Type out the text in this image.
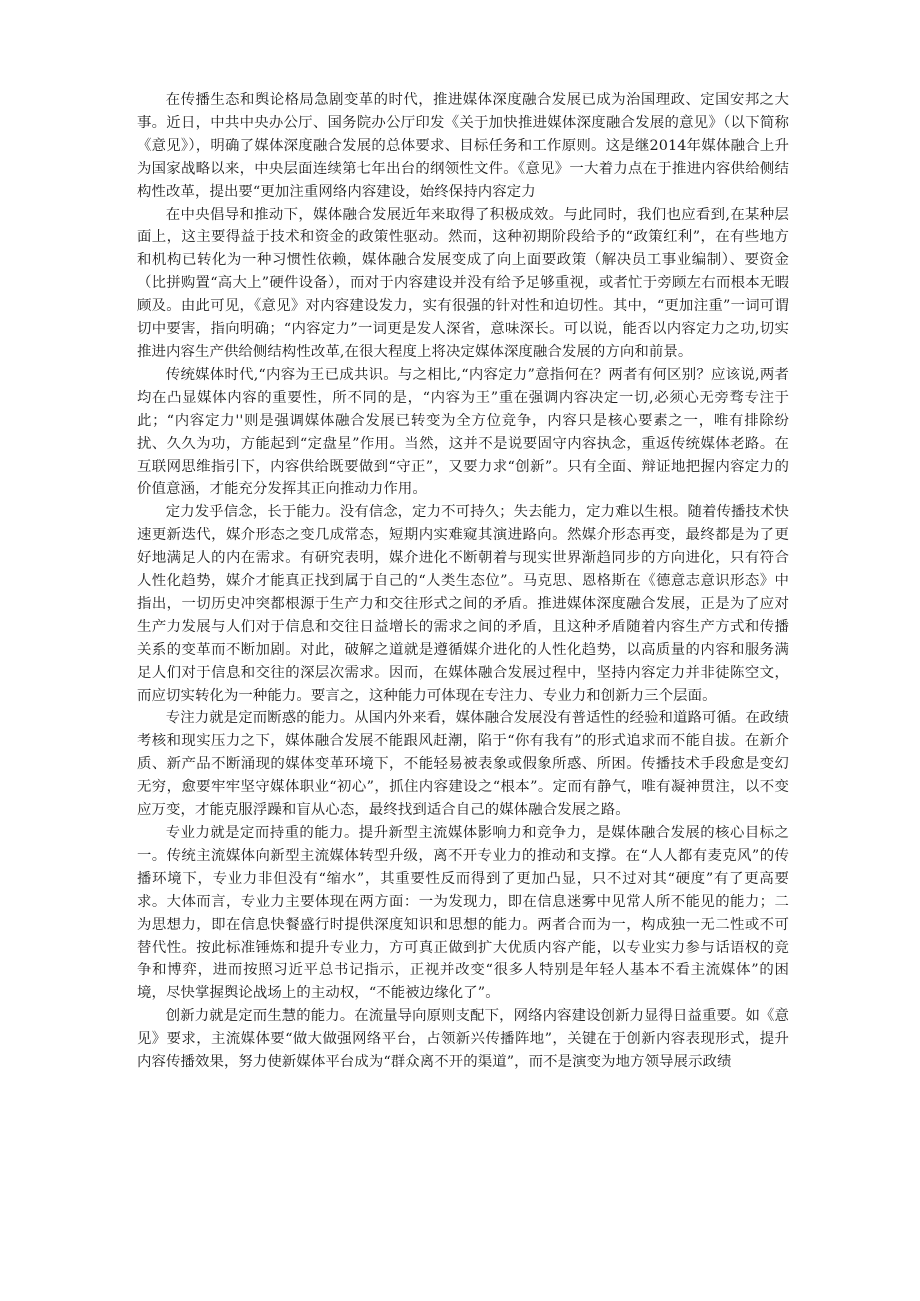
在传播生态和舆论格局急剧变革的时代，推进媒体深度融合发展已成为治国理政、定国安邦之大事。近日，中共中央办公厅、国务院办公厅印发《关于加快推进媒体深度融合发展的意见》（以下简称《意见》），明确了媒体深度融合发展的总体要求、目标任务和工作原则。这是继2014年媒体融合上升为国家战略以来，中央层面连续第七年出台的纲领性文件。《意见》一大着力点在于推进内容供给侧结构性改革，提出要“更加注重网络内容建设，始终保持内容定力

在中央倡导和推动下，媒体融合发展近年来取得了积极成效。与此同时，我们也应看到,在某种层面上，这主要得益于技术和资金的政策性驱动。然而，这种初期阶段给予的“政策红利”，在有些地方和机构已转化为一种习惯性依赖，媒体融合发展变成了向上面要政策（解决员工事业编制）、要资金（比拼购置“高大上”硬件设备），而对于内容建设并没有给予足够重视，或者忙于旁顾左右而根本无暇顾及。由此可见，《意见》对内容建设发力，实有很强的针对性和迫切性。其中，“更加注重”一词可谓切中要害，指向明确；“内容定力”一词更是发人深省，意味深长。可以说，能否以内容定力之功,切实推进内容生产供给侧结构性改革,在很大程度上将决定媒体深度融合发展的方向和前景。

传统媒体时代,“内容为王已成共识。与之相比,“内容定力”意指何在？两者有何区别？应该说,两者均在凸显媒体内容的重要性，所不同的是，“内容为王”重在强调内容决定一切,必须心无旁骛专注于此；“内容定力''则是强调媒体融合发展已转变为全方位竞争，内容只是核心要素之一，唯有排除纷扰、久久为功，方能起到“定盘星”作用。当然，这并不是说要固守内容执念，重返传统媒体老路。在互联网思维指引下，内容供给既要做到“守正”，又要力求“创新”。只有全面、辩证地把握内容定力的价值意涵，才能充分发挥其正向推动力作用。

定力发乎信念，长于能力。没有信念，定力不可持久；失去能力，定力难以生根。随着传播技术快速更新迭代，媒介形态之变几成常态，短期内实难窥其演进路向。然媒介形态再变，最终都是为了更好地满足人的内在需求。有研究表明，媒介进化不断朝着与现实世界渐趋同步的方向进化，只有符合人性化趋势，媒介才能真正找到属于自己的“人类生态位”。马克思、恩格斯在《德意志意识形态》中指出，一切历史冲突都根源于生产力和交往形式之间的矛盾。推进媒体深度融合发展，正是为了应对生产力发展与人们对于信息和交往日益增长的需求之间的矛盾，且这种矛盾随着内容生产方式和传播关系的变革而不断加剧。对此，破解之道就是遵循媒介进化的人性化趋势，以高质量的内容和服务满足人们对于信息和交往的深层次需求。因而，在媒体融合发展过程中，坚持内容定力并非徒陈空文，而应切实转化为一种能力。要言之，这种能力可体现在专注力、专业力和创新力三个层面。

专注力就是定而断惑的能力。从国内外来看，媒体融合发展没有普适性的经验和道路可循。在政绩考核和现实压力之下，媒体融合发展不能跟风赶潮，陷于“你有我有”的形式追求而不能自拔。在新介质、新产品不断涌现的媒体变革环境下，不能轻易被表象或假象所惑、所困。传播技术手段愈是变幻无穷，愈要牢牢坚守媒体职业“初心”，抓住内容建设之“根本”。定而有静气，唯有凝神贯注，以不变应万变，才能克服浮躁和盲从心态，最终找到适合自己的媒体融合发展之路。

专业力就是定而持重的能力。提升新型主流媒体影响力和竞争力，是媒体融合发展的核心目标之一。传统主流媒体向新型主流媒体转型升级，离不开专业力的推动和支撑。在“人人都有麦克风”的传播环境下，专业力非但没有“缩水”，其重要性反而得到了更加凸显，只不过对其“硬度”有了更高要求。大体而言，专业力主要体现在两方面：一为发现力，即在信息迷雾中见常人所不能见的能力；二为思想力，即在信息快餐盛行时提供深度知识和思想的能力。两者合而为一，构成独一无二性或不可替代性。按此标准锤炼和提升专业力，方可真正做到扩大优质内容产能，以专业实力参与话语权的竞争和博弈，进而按照习近平总书记指示，正视并改变“很多人特别是年轻人基本不看主流媒体”的困境，尽快掌握舆论战场上的主动权，“不能被边缘化了”。

创新力就是定而生慧的能力。在流量导向原则支配下，网络内容建设创新力显得日益重要。如《意见》要求，主流媒体要“做大做强网络平台，占领新兴传播阵地”，关键在于创新内容表现形式，提升内容传播效果，努力使新媒体平台成为“群众离不开的渠道”，而不是演变为地方领导展示政绩
